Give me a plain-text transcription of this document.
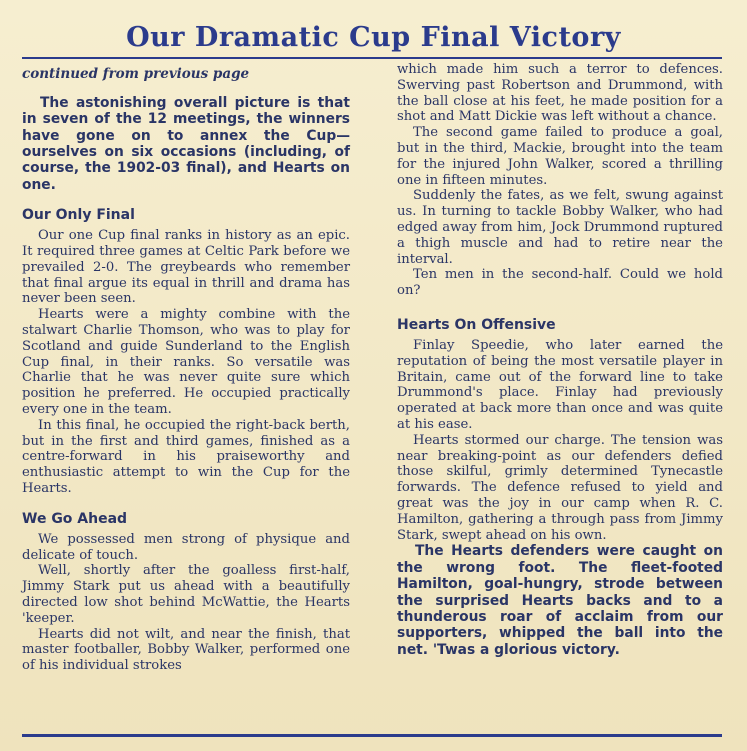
Our Dramatic Cup Final Victory

continued from previous page

The astonishing overall picture is that in seven of the 12 meetings, the winners have gone on to annex the Cup—ourselves on six occasions (including, of course, the 1902-03 final), and Hearts on one.

Our Only Final

Our one Cup final ranks in history as an epic. It required three games at Celtic Park before we prevailed 2-0. The greybeards who remember that final argue its equal in thrill and drama has never been seen.

Hearts were a mighty combine with the stalwart Charlie Thomson, who was to play for Scotland and guide Sunderland to the English Cup final, in their ranks. So versatile was Charlie that he was never quite sure which position he preferred. He occupied practically every one in the team.

In this final, he occupied the right-back berth, but in the first and third games, finished as a centre-forward in his praiseworthy and enthusiastic attempt to win the Cup for the Hearts.

We Go Ahead

We possessed men strong of physique and delicate of touch.

Well, shortly after the goalless first-half, Jimmy Stark put us ahead with a beautifully directed low shot behind McWattie, the Hearts 'keeper.

Hearts did not wilt, and near the finish, that master footballer, Bobby Walker, performed one of his individual strokes

which made him such a terror to defences. Swerving past Robertson and Drummond, with the ball close at his feet, he made position for a shot and Matt Dickie was left without a chance.

The second game failed to produce a goal, but in the third, Mackie, brought into the team for the injured John Walker, scored a thrilling one in fifteen minutes.

Suddenly the fates, as we felt, swung against us. In turning to tackle Bobby Walker, who had edged away from him, Jock Drummond ruptured a thigh muscle and had to retire near the interval.

Ten men in the second-half. Could we hold on?

Hearts On Offensive

Finlay Speedie, who later earned the reputation of being the most versatile player in Britain, came out of the forward line to take Drummond's place. Finlay had previously operated at back more than once and was quite at his ease.

Hearts stormed our charge. The tension was near breaking-point as our defenders defied those skilful, grimly determined Tynecastle forwards. The defence refused to yield and great was the joy in our camp when R. C. Hamilton, gathering a through pass from Jimmy Stark, swept ahead on his own.

The Hearts defenders were caught on the wrong foot. The fleet-footed Hamilton, goal-hungry, strode between the surprised Hearts backs and to a thunderous roar of acclaim from our supporters, whipped the ball into the net. 'Twas a glorious victory.
